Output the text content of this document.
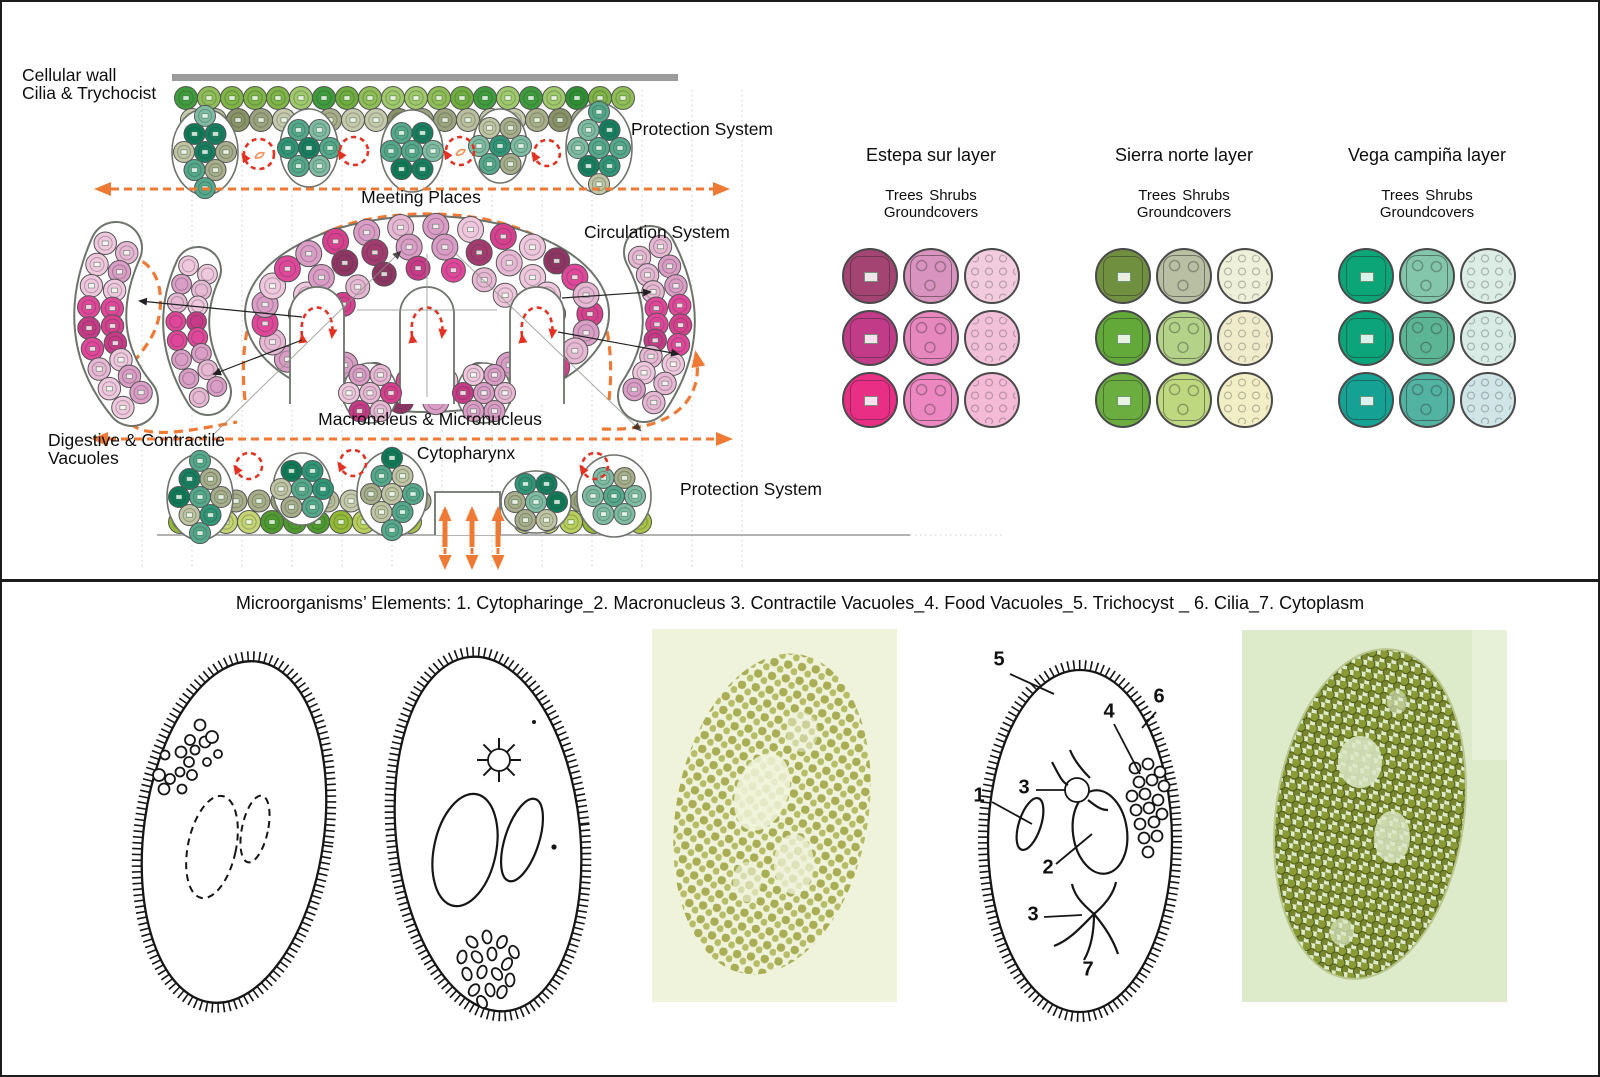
Cellular wall
Cilia & Trychocist
Protection System
Meeting Places
Circulation System
Macroncleus & Micronucleus
Digestive & Contractile
Vacuoles	Cytopharynx
Protection System
Estepa sur layer
Trees Shrubs Groundcovers
Sierra norte layer
Trees Shrubs Groundcovers
Vega campiña layer
Trees Shrubs Groundcovers
Microorganisms’ Elements: 1. Cytopharinge_2. Macronucleus 3. Contractile Vacuoles_4. Food Vacuoles_5. Trichocyst _ 6. Cilia_7. Cytoplasm
5
6
4
3
1
2
3
7
